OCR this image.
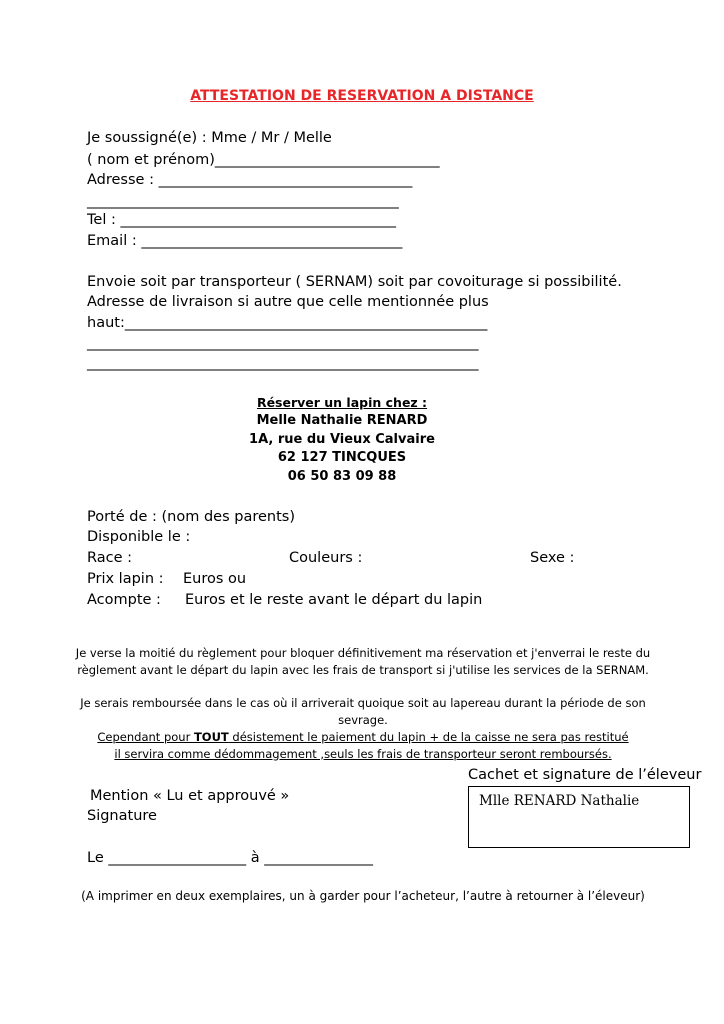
ATTESTATION DE RESERVATION A DISTANCE
Je soussigné(e) : Mme / Mr / Melle
( nom et prénom)_______________________________
Adresse : ___________________________________
___________________________________________
Tel : ______________________________________
Email : ____________________________________
Envoie soit par transporteur ( SERNAM) soit par covoiturage si possibilité.
Adresse de livraison si autre que celle mentionnée plus
haut:__________________________________________________
______________________________________________________
______________________________________________________
Réserver un lapin chez :
Melle Nathalie RENARD
1A, rue du Vieux Calvaire
62 127 TINCQUES
06 50 83 09 88
Porté de : (nom des parents)
Disponible le :
Race :	Couleurs :	Sexe :
Prix lapin : Euros ou
Acompte : Euros et le reste avant le départ du lapin
Je verse la moitié du règlement pour bloquer définitivement ma réservation et j'enverrai le reste du règlement avant le départ du lapin avec les frais de transport si j'utilise les services de la SERNAM.
Je serais remboursée dans le cas où il arriverait quoique soit au lapereau durant la période de son sevrage.
Cependant pour TOUT désistement le paiement du lapin + de la caisse ne sera pas restitué
il servira comme dédommagement ,seuls les frais de transporteur seront remboursés.
Cachet et signature de l’éleveur
Mlle RENARD Nathalie
Mention « Lu et approuvé »
Signature
Le ___________________ à _______________
(A imprimer en deux exemplaires, un à garder pour l’acheteur, l’autre à retourner à l’éleveur)
